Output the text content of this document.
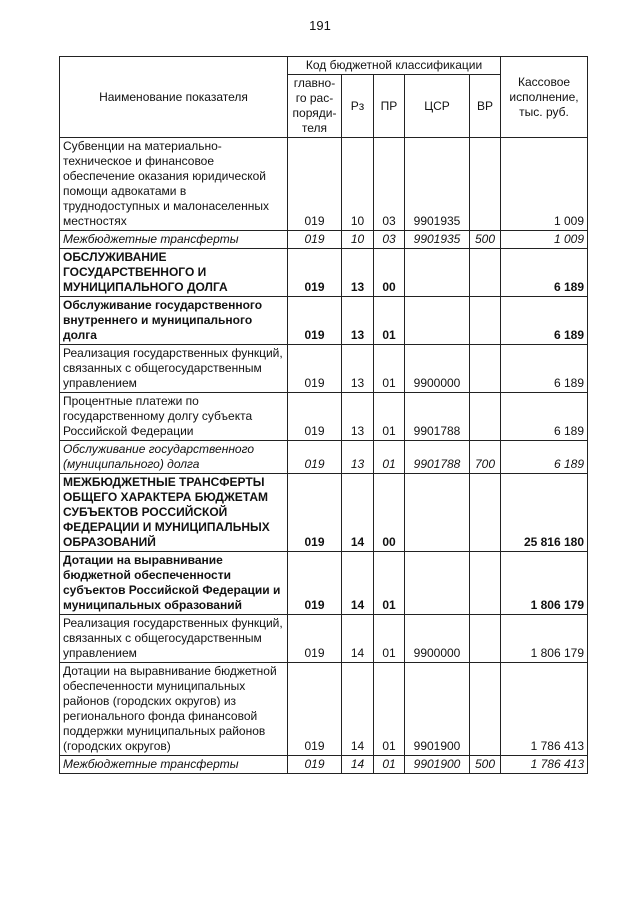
191
Наименование показателя	Код бюджетной классификации					Кассовое исполнение, тыс. руб.
	главно-го рас-поряди-теля	Рз	ПР	ЦСР	ВР	
Субвенции на материально-техническое и финансовое обеспечение оказания юридической помощи адвокатами в труднодоступных и малонаселенных местностях	019	10	03	9901935		1 009
Межбюджетные трансферты	019	10	03	9901935	500	1 009
ОБСЛУЖИВАНИЕ ГОСУДАРСТВЕННОГО И МУНИЦИПАЛЬНОГО ДОЛГА	019	13	00			6 189
Обслуживание государственного внутреннего и муниципального долга	019	13	01			6 189
Реализация государственных функций, связанных с общегосударственным управлением	019	13	01	9900000		6 189
Процентные платежи по государственному долгу субъекта Российской Федерации	019	13	01	9901788		6 189
Обслуживание государственного (муниципального) долга	019	13	01	9901788	700	6 189
МЕЖБЮДЖЕТНЫЕ ТРАНСФЕРТЫ ОБЩЕГО ХАРАКТЕРА БЮДЖЕТАМ СУБЪЕКТОВ РОССИЙСКОЙ ФЕДЕРАЦИИ И МУНИЦИПАЛЬНЫХ ОБРАЗОВАНИЙ	019	14	00			25 816 180
Дотации на выравнивание бюджетной обеспеченности субъектов Российской Федерации и муниципальных образований	019	14	01			1 806 179
Реализация государственных функций, связанных с общегосударственным управлением	019	14	01	9900000		1 806 179
Дотации на выравнивание бюджетной обеспеченности муниципальных районов (городских округов) из регионального фонда финансовой поддержки муниципальных районов (городских округов)	019	14	01	9901900		1 786 413
Межбюджетные трансферты	019	14	01	9901900	500	1 786 413
